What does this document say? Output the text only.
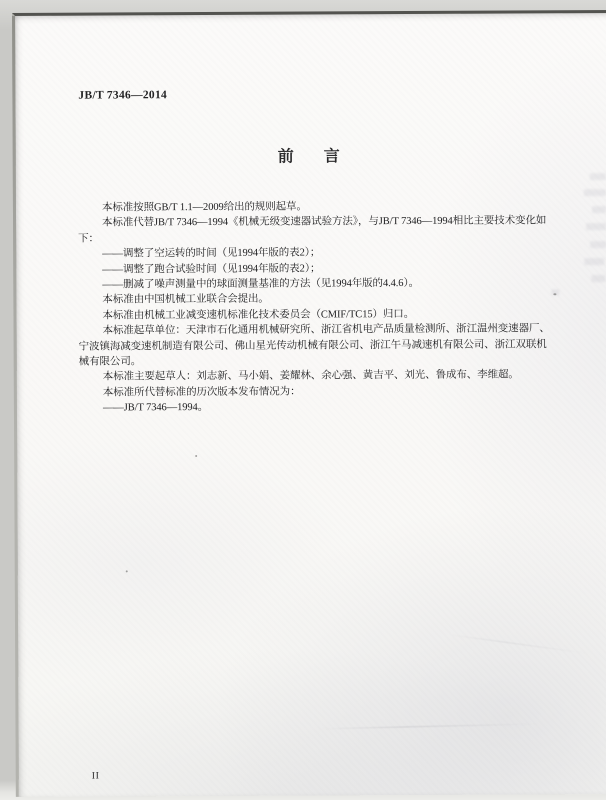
JB/T 7346—2014
前言
本标准按照GB/T 1.1—2009给出的规则起草。
本标准代替JB/T 7346—1994《机械无级变速器试验方法》，与JB/T 7346—1994相比主要技术变化如
下：
——调整了空运转的时间（见1994年版的表2）；
——调整了跑合试验时间（见1994年版的表2）；
——删减了噪声测量中的球面测量基准的方法（见1994年版的4.4.6）。
本标准由中国机械工业联合会提出。
本标准由机械工业减变速机标准化技术委员会（CMIF/TC15）归口。
本标准起草单位：天津市石化通用机械研究所、浙江省机电产品质量检测所、浙江温州变速器厂、
宁波镇海减变速机制造有限公司、佛山星光传动机械有限公司、浙江午马减速机有限公司、浙江双联机
械有限公司。
本标准主要起草人：刘志新、马小娟、姜耀林、余心强、黄吉平、刘光、鲁成布、李维超。
本标准所代替标准的历次版本发布情况为：
——JB/T 7346—1994。
II
